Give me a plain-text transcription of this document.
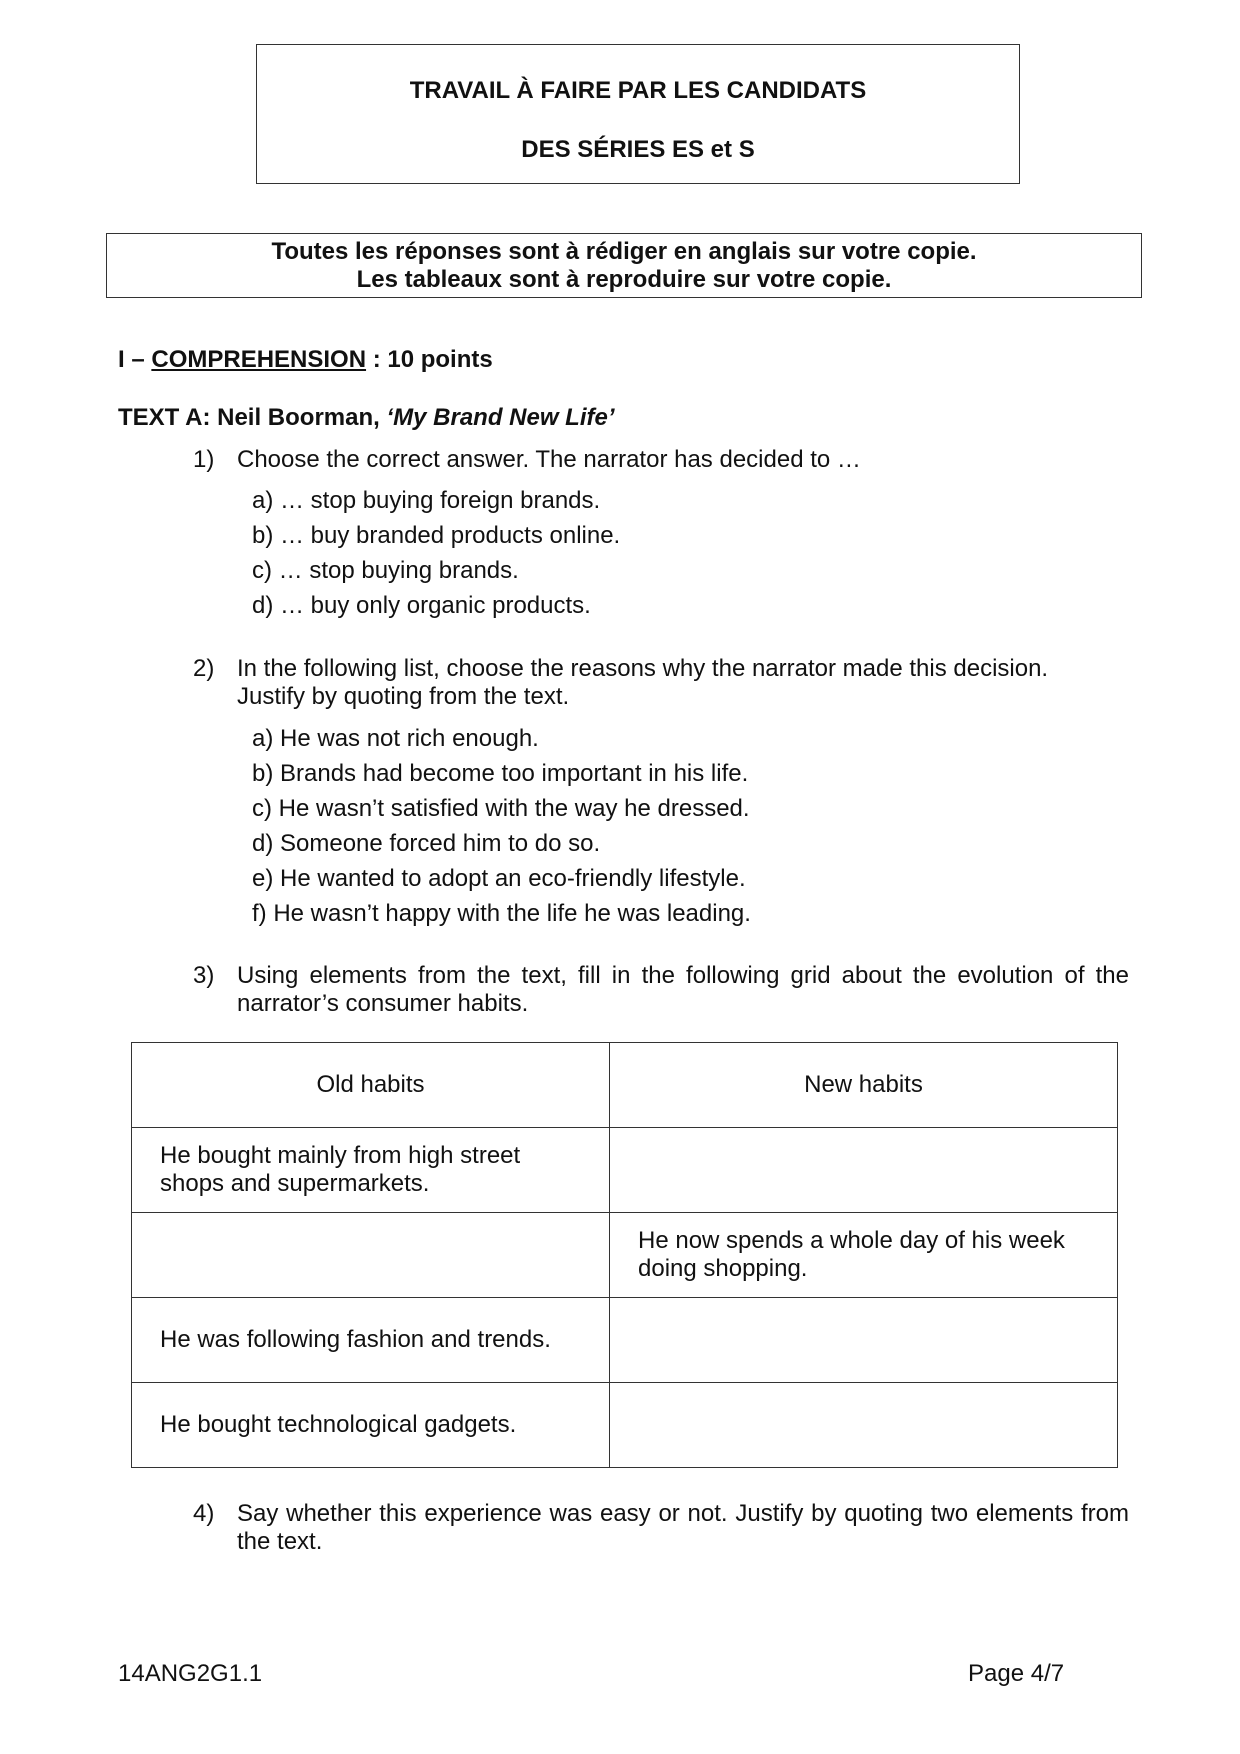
TRAVAIL À FAIRE PAR LES CANDIDATS
DES SÉRIES ES et S
Toutes les réponses sont à rédiger en anglais sur votre copie.
Les tableaux sont à reproduire sur votre copie.
I – COMPREHENSION : 10 points
TEXT A: Neil Boorman, ‘My Brand New Life’
1) Choose the correct answer. The narrator has decided to …
a) … stop buying foreign brands.
b) … buy branded products online.
c) … stop buying brands.
d) … buy only organic products.
2) In the following list, choose the reasons why the narrator made this decision.
Justify by quoting from the text.
a) He was not rich enough.
b) Brands had become too important in his life.
c) He wasn’t satisfied with the way he dressed.
d) Someone forced him to do so.
e) He wanted to adopt an eco-friendly lifestyle.
f) He wasn’t happy with the life he was leading.
3) Using elements from the text, fill in the following grid about the evolution of the narrator’s consumer habits.
Old habits	New habits
He bought mainly from high street shops and supermarkets.	
	He now spends a whole day of his week doing shopping.
He was following fashion and trends.	
He bought technological gadgets.	
4) Say whether this experience was easy or not. Justify by quoting two elements from the text.
14ANG2G1.1	Page 4/7
